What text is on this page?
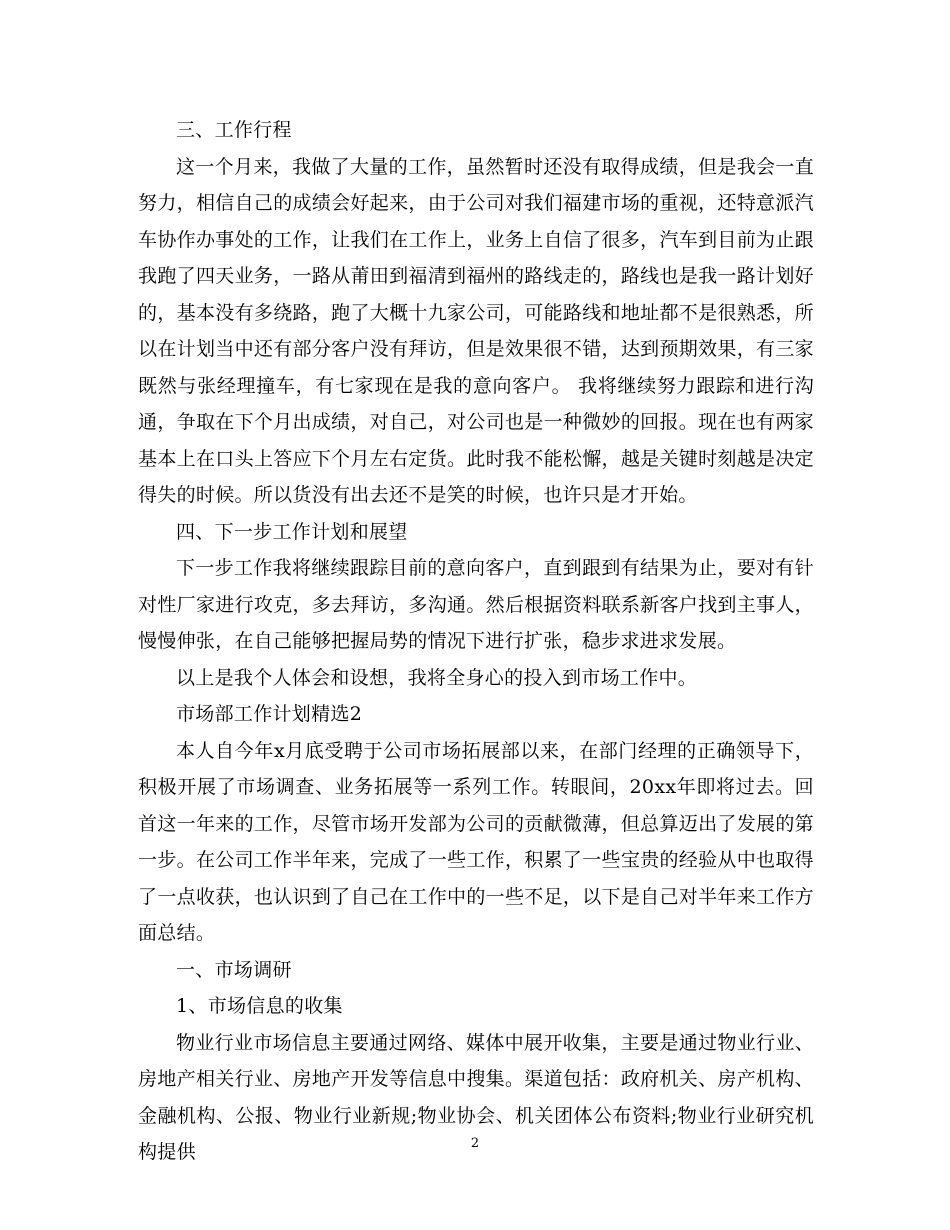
三、工作行程

这一个月来，我做了大量的工作，虽然暂时还没有取得成绩，但是我会一直努力，相信自己的成绩会好起来，由于公司对我们福建市场的重视，还特意派汽车协作办事处的工作，让我们在工作上，业务上自信了很多，汽车到目前为止跟我跑了四天业务，一路从莆田到福清到福州的路线走的，路线也是我一路计划好的，基本没有多绕路，跑了大概十九家公司，可能路线和地址都不是很熟悉，所以在计划当中还有部分客户没有拜访，但是效果很不错，达到预期效果，有三家既然与张经理撞车，有七家现在是我的意向客户。 我将继续努力跟踪和进行沟通，争取在下个月出成绩，对自己，对公司也是一种微妙的回报。现在也有两家基本上在口头上答应下个月左右定货。此时我不能松懈，越是关键时刻越是决定得失的时候。所以货没有出去还不是笑的时候，也许只是才开始。

四、下一步工作计划和展望

下一步工作我将继续跟踪目前的意向客户，直到跟到有结果为止，要对有针对性厂家进行攻克，多去拜访，多沟通。然后根据资料联系新客户找到主事人，慢慢伸张，在自己能够把握局势的情况下进行扩张，稳步求进求发展。

以上是我个人体会和设想，我将全身心的投入到市场工作中。

市场部工作计划精选2

本人自今年x月底受聘于公司市场拓展部以来，在部门经理的正确领导下，积极开展了市场调查、业务拓展等一系列工作。转眼间，20xx年即将过去。回首这一年来的工作，尽管市场开发部为公司的贡献微薄，但总算迈出了发展的第一步。在公司工作半年来，完成了一些工作，积累了一些宝贵的经验从中也取得了一点收获，也认识到了自己在工作中的一些不足，以下是自己对半年来工作方面总结。

一、市场调研

1、市场信息的收集

物业行业市场信息主要通过网络、媒体中展开收集，主要是通过物业行业、房地产相关行业、房地产开发等信息中搜集。渠道包括：政府机关、房产机构、金融机构、公报、物业行业新规;物业协会、机关团体公布资料;物业行业研究机构提供	2
